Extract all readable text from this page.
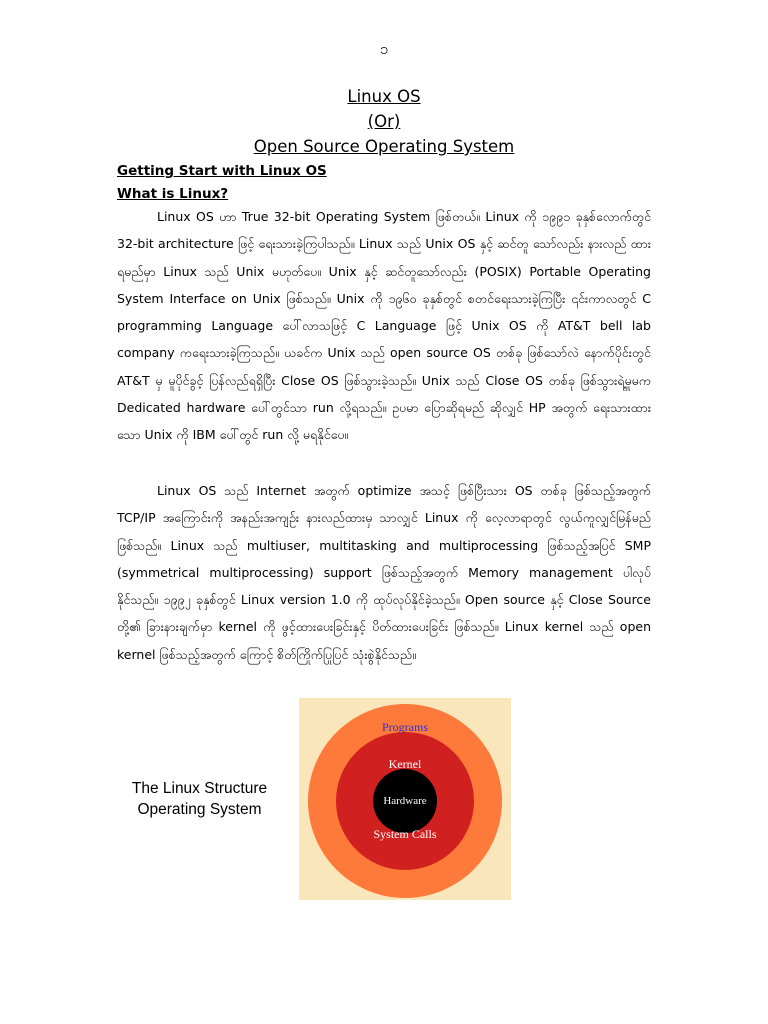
၁
Linux OS
(Or)
Open Source Operating System
Getting Start with Linux OS
What is Linux?

Linux OS ဟာ True 32-bit Operating System ဖြစ်တယ်။ Linux ကို ၁၉၉၁ ခုနှစ်လောက်တွင် 32-bit architecture ဖြင့် ရေးသားခဲ့ကြပါသည်။ Linux သည် Unix OS နှင့် ဆင်တူ သော်လည်း နားလည် ထားရမည်မှာ Linux သည် Unix မဟုတ်ပေ။ Unix နှင့် ဆင်တူသော်လည်း (POSIX) Portable Operating System Interface on Unix ဖြစ်သည်။ Unix ကို ၁၉၆၀ ခုနှစ်တွင် စတင်ရေးသားခဲ့ကြပြီး ၎င်းကာလတွင် C programming Language ပေါ်လာသဖြင့် C Language ဖြင့် Unix OS ကို AT&T bell lab company ကရေးသားခဲ့ကြသည်။ ယခင်က Unix သည် open source OS တစ်ခု ဖြစ်သော်လဲ နောက်ပိုင်းတွင် AT&T မှ မူပိုင်ခွင့် ပြန်လည်ရရှိပြီး Close OS ဖြစ်သွားခဲ့သည်။ Unix သည် Close OS တစ်ခု ဖြစ်သွားရဲ့မှုမက Dedicated hardware ပေါ်တွင်သာ run လို့ရသည်။ ဥပမာ ပြောဆိုရမည် ဆိုလျှင် HP အတွက် ရေးသားထားသော Unix ကို IBM ပေါ်တွင် run လို့ မရနိုင်ပေ။

Linux OS သည် Internet အတွက် optimize အသင့် ဖြစ်ပြီးသား OS တစ်ခု ဖြစ်သည့်အတွက် TCP/IP အကြောင်းကို အနည်းအကျဉ်း နားလည်ထားမှ သာလျှင် Linux ကို လေ့လာရာတွင် လွယ်ကူလျှင်မြန်မည် ဖြစ်သည်။ Linux သည် multiuser, multitasking and multiprocessing ဖြစ်သည့်အပြင် SMP (symmetrical multiprocessing) support ဖြစ်သည့်အတွက် Memory management ပါလုပ်နိုင်သည်။ ၁၉၉၂ ခုနှစ်တွင် Linux version 1.0 ကို ထုပ်လုပ်နိုင်ခဲ့သည်။ Open source နှင့် Close Source တို့၏ ခြားနားချက်မှာ kernel ကို ဖွင့်ထားပေးခြင်းနှင့် ပိတ်ထားပေးခြင်း ဖြစ်သည်။ Linux kernel သည် open kernel ဖြစ်သည့်အတွက် ကြောင့် စိတ်ကြိုက်ပြုပြင် သုံးစွဲနိုင်သည်။

The Linux Structure
Operating System
Programs
Kernel
Hardware
System Calls
